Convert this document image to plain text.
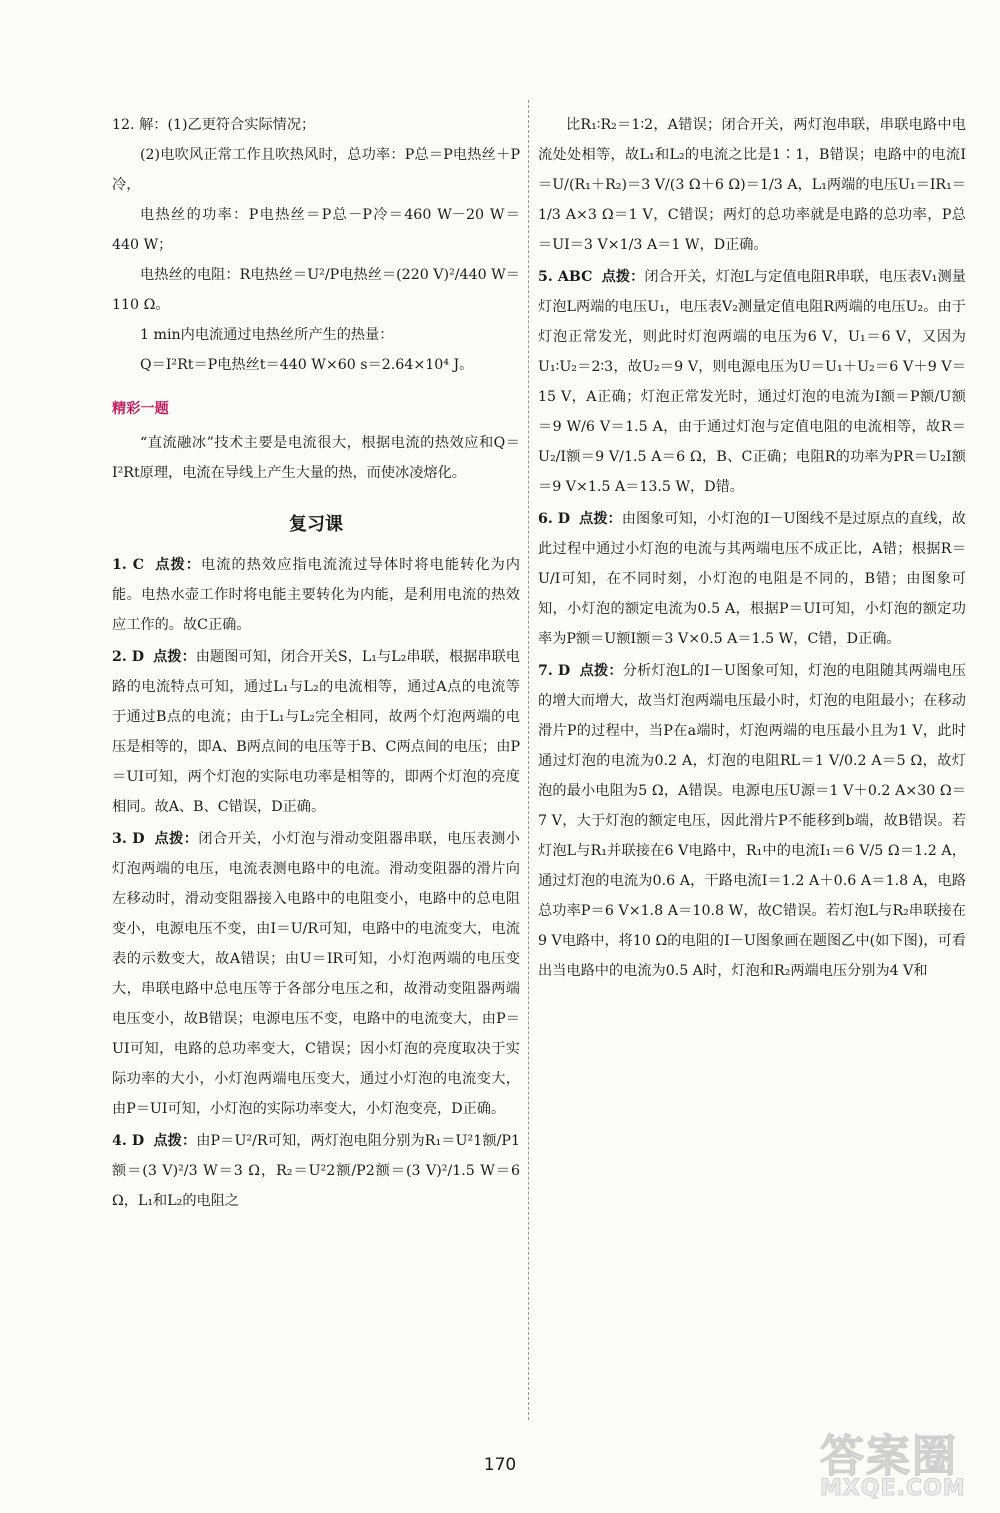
12. 解：(1)乙更符合实际情况；

(2)电吹风正常工作且吹热风时，总功率：P总＝P电热丝＋P冷，

电热丝的功率：P电热丝＝P总－P冷＝460 W－20 W＝440 W；

电热丝的电阻：R电热丝＝U²/P电热丝＝(220 V)²/440 W＝110 Ω。

1 min内电流通过电热丝所产生的热量：

Q＝I²Rt＝P电热丝t＝440 W×60 s＝2.64×10⁴ J。

精彩一题

“直流融冰”技术主要是电流很大，根据电流的热效应和Q＝I²Rt原理，电流在导线上产生大量的热，而使冰凌熔化。

复习课

1. C 点拨：电流的热效应指电流流过导体时将电能转化为内能。电热水壶工作时将电能主要转化为内能，是利用电流的热效应工作的。故C正确。

2. D 点拨：由题图可知，闭合开关S，L₁与L₂串联，根据串联电路的电流特点可知，通过L₁与L₂的电流相等，通过A点的电流等于通过B点的电流；由于L₁与L₂完全相同，故两个灯泡两端的电压是相等的，即A、B两点间的电压等于B、C两点间的电压；由P＝UI可知，两个灯泡的实际电功率是相等的，即两个灯泡的亮度相同。故A、B、C错误，D正确。

3. D 点拨：闭合开关，小灯泡与滑动变阻器串联，电压表测小灯泡两端的电压，电流表测电路中的电流。滑动变阻器的滑片向左移动时，滑动变阻器接入电路中的电阻变小，电路中的总电阻变小，电源电压不变，由I＝U/R可知，电路中的电流变大，电流表的示数变大，故A错误；由U＝IR可知，小灯泡两端的电压变大，串联电路中总电压等于各部分电压之和，故滑动变阻器两端电压变小，故B错误；电源电压不变，电路中的电流变大，由P＝UI可知，电路的总功率变大，C错误；因小灯泡的亮度取决于实际功率的大小，小灯泡两端电压变大，通过小灯泡的电流变大，由P＝UI可知，小灯泡的实际功率变大，小灯泡变亮，D正确。

4. D 点拨：由P＝U²/R可知，两灯泡电阻分别为R₁＝U²1额/P1额＝(3 V)²/3 W＝3 Ω，R₂＝U²2额/P2额＝(3 V)²/1.5 W＝6 Ω，L₁和L₂的电阻之

比R₁∶R₂＝1∶2，A错误；闭合开关，两灯泡串联，串联电路中电流处处相等，故L₁和L₂的电流之比是1∶1，B错误；电路中的电流I＝U/(R₁＋R₂)＝3 V/(3 Ω＋6 Ω)＝1/3 A，L₁两端的电压U₁＝IR₁＝1/3 A×3 Ω＝1 V，C错误；两灯的总功率就是电路的总功率，P总＝UI＝3 V×1/3 A＝1 W，D正确。

5. ABC 点拨：闭合开关，灯泡L与定值电阻R串联，电压表V₁测量灯泡L两端的电压U₁，电压表V₂测量定值电阻R两端的电压U₂。由于灯泡正常发光，则此时灯泡两端的电压为6 V，U₁＝6 V，又因为U₁∶U₂＝2∶3，故U₂＝9 V，则电源电压为U＝U₁＋U₂＝6 V＋9 V＝15 V，A正确；灯泡正常发光时，通过灯泡的电流为I额＝P额/U额＝9 W/6 V＝1.5 A，由于通过灯泡与定值电阻的电流相等，故R＝U₂/I额＝9 V/1.5 A＝6 Ω，B、C正确；电阻R的功率为PR＝U₂I额＝9 V×1.5 A＝13.5 W，D错。

6. D 点拨：由图象可知，小灯泡的I－U图线不是过原点的直线，故此过程中通过小灯泡的电流与其两端电压不成正比，A错；根据R＝U/I可知，在不同时刻，小灯泡的电阻是不同的，B错；由图象可知，小灯泡的额定电流为0.5 A，根据P＝UI可知，小灯泡的额定功率为P额＝U额I额＝3 V×0.5 A＝1.5 W，C错，D正确。

7. D 点拨：分析灯泡L的I－U图象可知，灯泡的电阻随其两端电压的增大而增大，故当灯泡两端电压最小时，灯泡的电阻最小；在移动滑片P的过程中，当P在a端时，灯泡两端的电压最小且为1 V，此时通过灯泡的电流为0.2 A，灯泡的电阻RL＝1 V/0.2 A＝5 Ω，故灯泡的最小电阻为5 Ω，A错误。电源电压U源＝1 V＋0.2 A×30 Ω＝7 V，大于灯泡的额定电压，因此滑片P不能移到b端，故B错误。若灯泡L与R₁并联接在6 V电路中，R₁中的电流I₁＝6 V/5 Ω＝1.2 A，通过灯泡的电流为0.6 A，干路电流I＝1.2 A＋0.6 A＝1.8 A，电路总功率P＝6 V×1.8 A＝10.8 W，故C错误。若灯泡L与R₂串联接在9 V电路中，将10 Ω的电阻的I－U图象画在题图乙中(如下图)，可看出当电路中的电流为0.5 A时，灯泡和R₂两端电压分别为4 V和

170	答案圈
MXQE.COM
